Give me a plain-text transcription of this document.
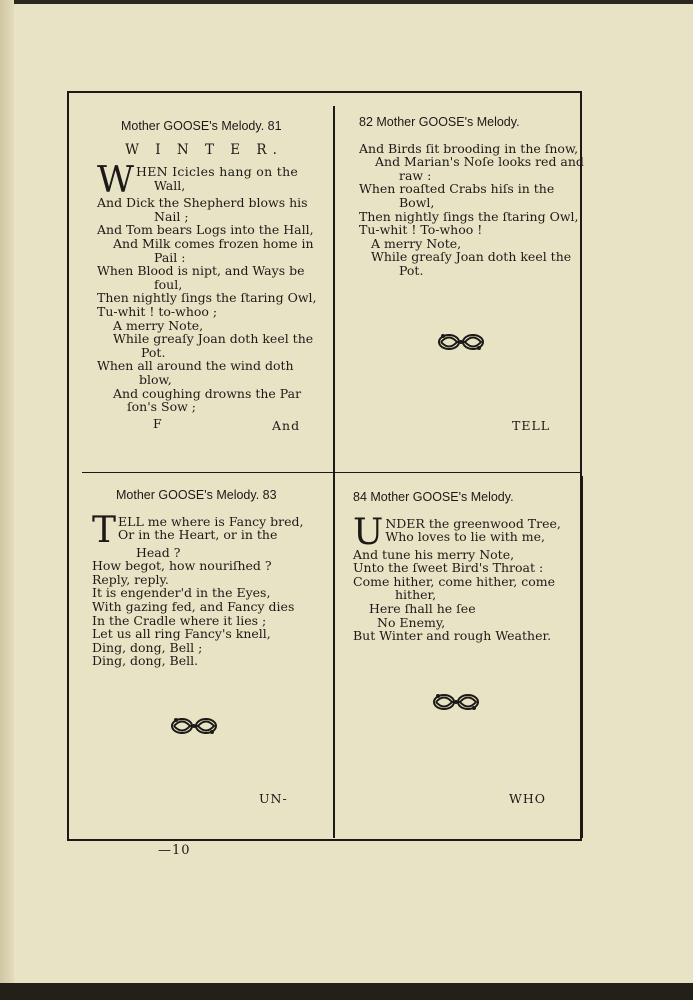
Mother GOOSE's Melody. 81
W I N T E R.
W HEN Icicles hang on the
Wall,
And Dick the Shepherd blows his
Nail ;
And Tom bears Logs into the Hall,
And Milk comes frozen home in
Pail :
When Blood is nipt, and Ways be
foul,
Then nightly ſings the ſtaring Owl,
Tu-whit ! to-whoo ;
A merry Note,
While greaſy Joan doth keel the
Pot.
When all around the wind doth
blow,
And coughing drowns the Par
ſon's Sow ;
F	And
82 Mother GOOSE's Melody.
And Birds ſit brooding in the ſnow,
And Marian's Noſe looks red and
raw :
When roaſted Crabs hiſs in the
Bowl,
Then nightly ſings the ſtaring Owl,
Tu-whit ! To-whoo !
A merry Note,
While greaſy Joan doth keel the
Pot.
TELL
Mother GOOSE's Melody. 83
T ELL me where is Fancy bred,
Or in the Heart, or in the
Head ?
How begot, how nouriſhed ?
Reply, reply.
It is engender'd in the Eyes,
With gazing fed, and Fancy dies
In the Cradle where it lies ;
Let us all ring Fancy's knell,
Ding, dong, Bell ;
Ding, dong, Bell.
UN-
84 Mother GOOSE's Melody.
U NDER the greenwood Tree,
Who loves to lie with me,
And tune his merry Note,
Unto the ſweet Bird's Throat :
Come hither, come hither, come
hither,
Here ſhall he ſee
No Enemy,
But Winter and rough Weather.
WHO
—10
